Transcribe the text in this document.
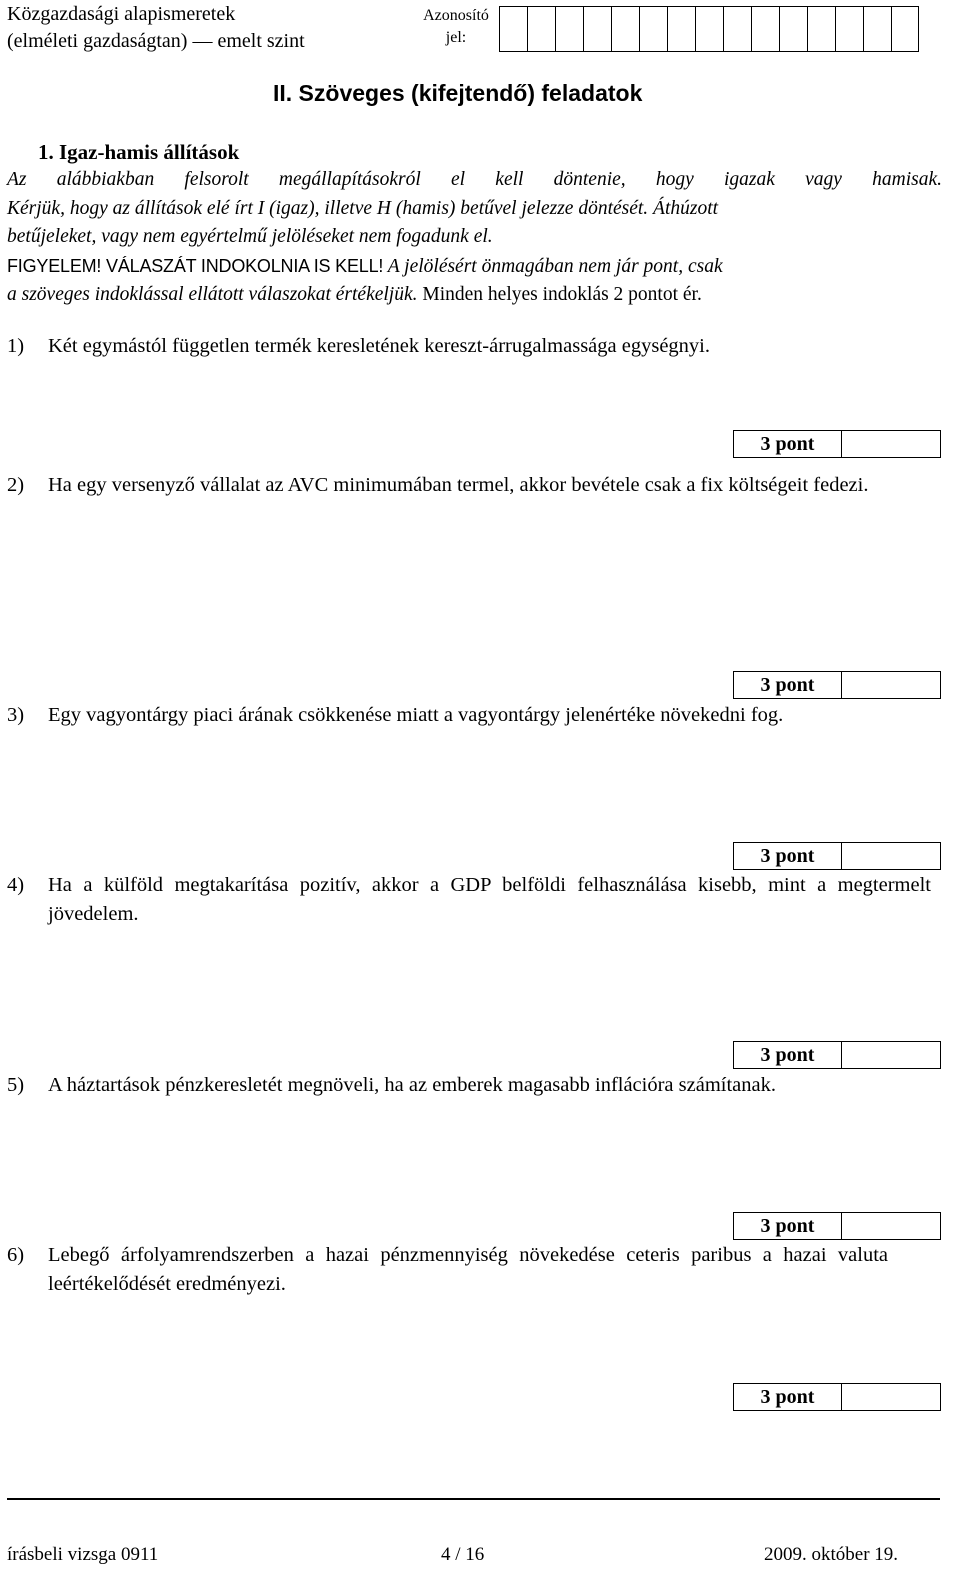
Közgazdasági alapismeretek
(elméleti gazdaságtan) — emelt szint
Azonosító
jel:
II. Szöveges (kifejtendő) feladatok
1. Igaz-hamis állítások
Az alábbiakban felsorolt megállapításokról el kell döntenie, hogy igazak vagy hamisak.
Kérjük, hogy az állítások elé írt I (igaz), illetve H (hamis) betűvel jelezze döntését. Áthúzott
betűjeleket, vagy nem egyértelmű jelöléseket nem fogadunk el.
FIGYELEM! VÁLASZÁT INDOKOLNIA IS KELL! A jelölésért önmagában nem jár pont, csak
a szöveges indoklással ellátott válaszokat értékeljük. Minden helyes indoklás 2 pontot ér.
1) Két egymástól független termék keresletének kereszt-árrugalmassága egységnyi.
3 pont
2) Ha egy versenyző vállalat az AVC minimumában termel, akkor bevétele csak a fix költségeit fedezi.
3 pont
3) Egy vagyontárgy piaci árának csökkenése miatt a vagyontárgy jelenértéke növekedni fog.
3 pont
4) Ha a külföld megtakarítása pozitív, akkor a GDP belföldi felhasználása kisebb, mint a megtermelt jövedelem.
3 pont
5) A háztartások pénzkeresletét megnöveli, ha az emberek magasabb inflációra számítanak.
3 pont
6) Lebegő árfolyamrendszerben a hazai pénzmennyiség növekedése ceteris paribus a hazai valuta leértékelődését eredményezi.
3 pont
írásbeli vizsga 0911	4 / 16	2009. október 19.
